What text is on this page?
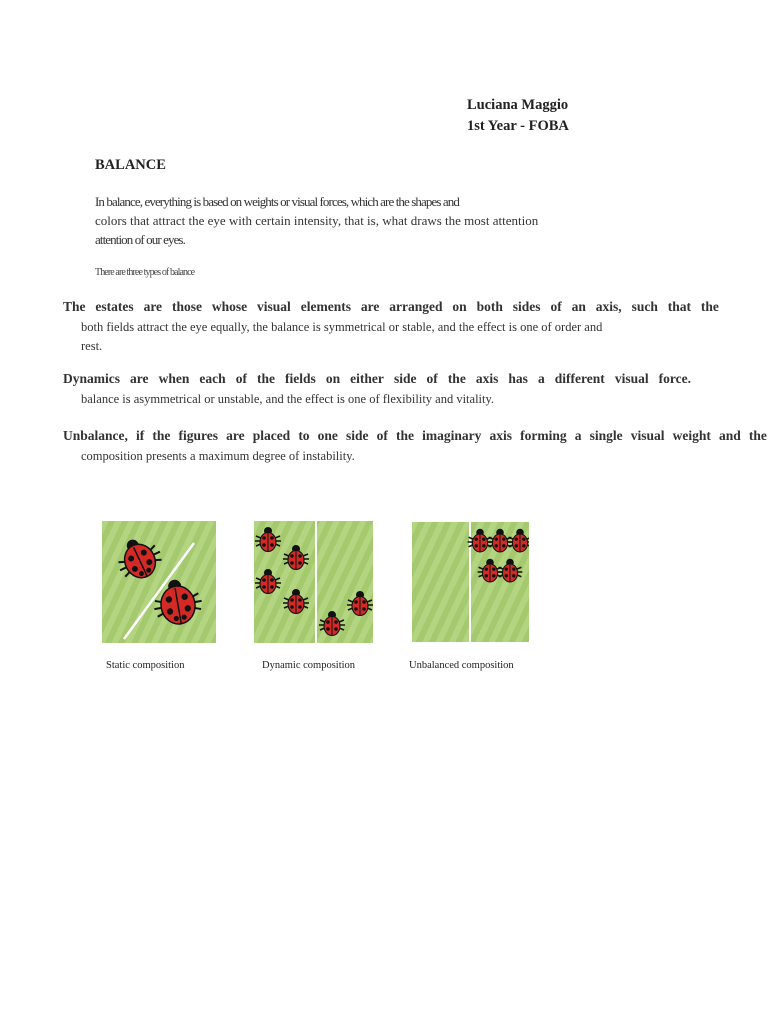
Luciana Maggio
1st Year - FOBA
BALANCE
In balance, everything is based on weights or visual forces, which are the shapes and
colors that attract the eye with certain intensity, that is, what draws the most attention
attention of our eyes.
There are three types of balance
The estates are those whose visual elements are arranged on both sides of an axis, such that the
both fields attract the eye equally, the balance is symmetrical or stable, and the effect is one of order and
rest.
Dynamics are when each of the fields on either side of the axis has a different visual force.
balance is asymmetrical or unstable, and the effect is one of flexibility and vitality.
Unbalance, if the figures are placed to one side of the imaginary axis forming a single visual weight and the
composition presents a maximum degree of instability.
Static composition	Dynamic composition	Unbalanced composition
